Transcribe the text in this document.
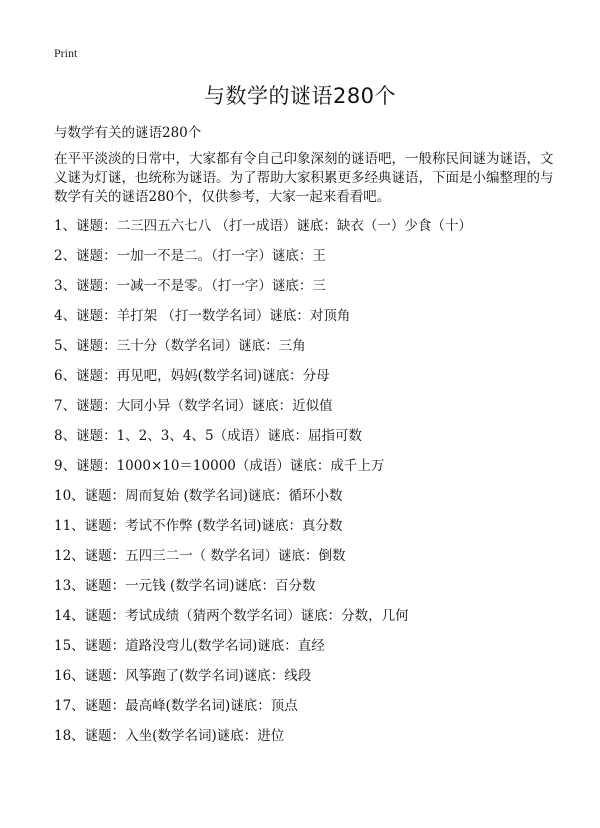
Print
与数学的谜语280个
与数学有关的谜语280个

在平平淡淡的日常中，大家都有令自己印象深刻的谜语吧，一般称民间谜为谜语，文义谜为灯谜，也统称为谜语。为了帮助大家积累更多经典谜语，下面是小编整理的与数学有关的谜语280个，仅供参考，大家一起来看看吧。

1、谜题：二三四五六七八 （打一成语）谜底：缺衣（一）少食（十）
2、谜题：一加一不是二。（打一字）谜底：王
3、谜题：一减一不是零。（打一字）谜底：三
4、谜题：羊打架 （打一数学名词）谜底：对顶角
5、谜题：三十分（数学名词）谜底：三角
6、谜题：再见吧，妈妈(数学名词)谜底：分母
7、谜题：大同小异（数学名词）谜底：近似值
8、谜题：1、2、3、4、5（成语）谜底：屈指可数
9、谜题：1000×10＝10000（成语）谜底：成千上万
10、谜题：周而复始 (数学名词)谜底：循环小数
11、谜题：考试不作弊 (数学名词)谜底：真分数
12、谜题：五四三二一（ 数学名词）谜底：倒数
13、谜题：一元钱 (数学名词)谜底：百分数
14、谜题：考试成绩（猜两个数学名词）谜底：分数，几何
15、谜题：道路没弯儿(数学名词)谜底：直经
16、谜题：风筝跑了(数学名词)谜底：线段
17、谜题：最高峰(数学名词)谜底：顶点
18、谜题：入坐(数学名词)谜底：进位
